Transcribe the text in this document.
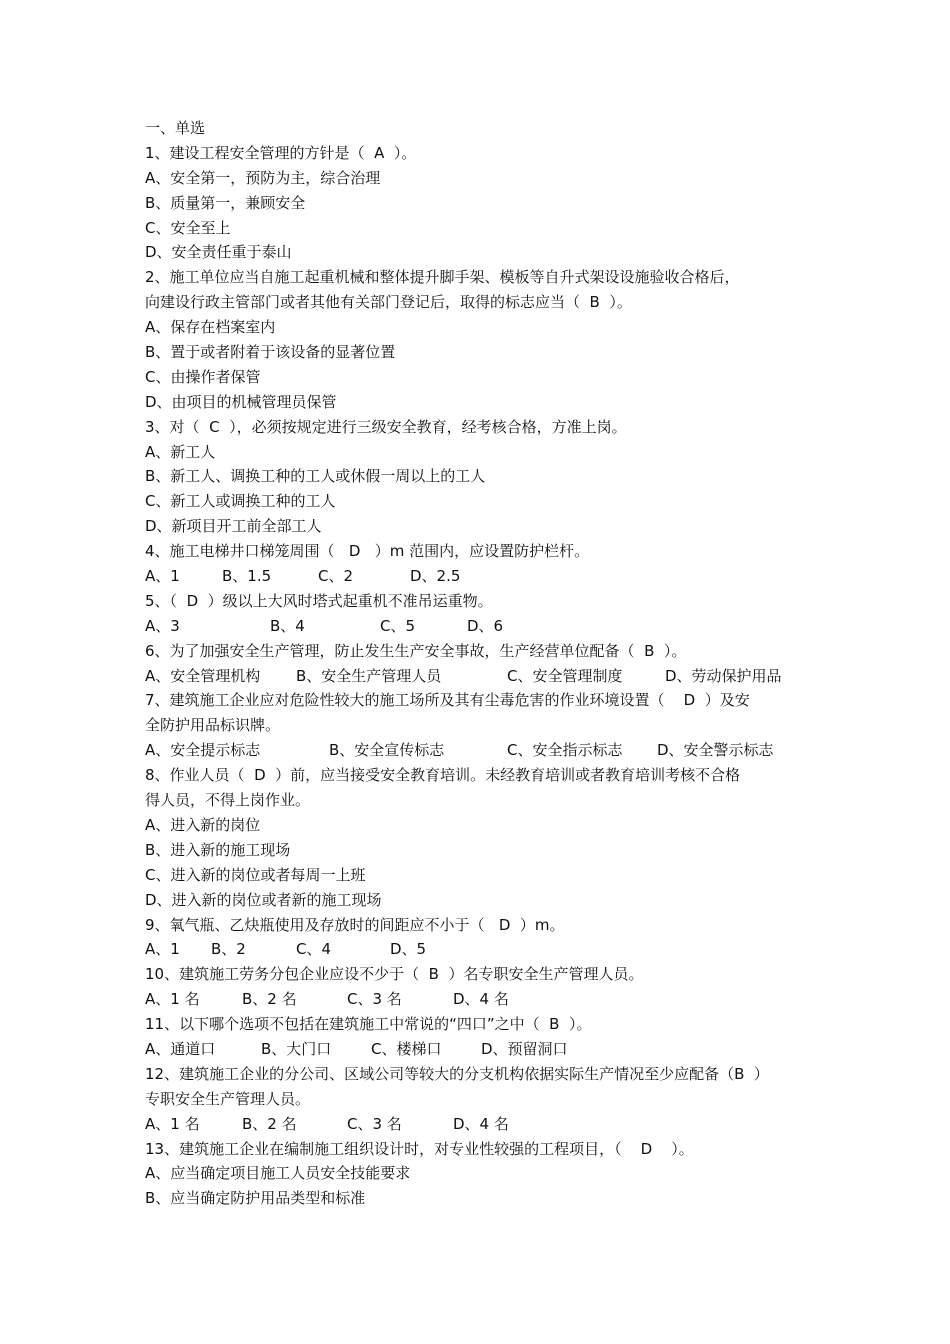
一、单选
1、建设工程安全管理的方针是（  A  ）。
A、安全第一，预防为主，综合治理
B、质量第一，兼顾安全
C、安全至上
D、安全责任重于泰山
2、施工单位应当自施工起重机械和整体提升脚手架、模板等自升式架设设施验收合格后，
向建设行政主管部门或者其他有关部门登记后，取得的标志应当（  B  ）。
A、保存在档案室内
B、置于或者附着于该设备的显著位置
C、由操作者保管
D、由项目的机械管理员保管
3、对（  C  ），必须按规定进行三级安全教育，经考核合格，方准上岗。
A、新工人
B、新工人、调换工种的工人或休假一周以上的工人
C、新工人或调换工种的工人
D、新项目开工前全部工人
4、施工电梯井口梯笼周围（   D   ）m 范围内，应设置防护栏杆。

A、1

	B、1.5

	C、2

	D、2.5

5、（  D  ）级以上大风时塔式起重机不准吊运重物。

A、3

	B、4

	C、5

	D、6

6、为了加强安全生产管理，防止发生生产安全事故，生产经营单位配备（  B  ）。

A、安全管理机构

B、安全生产管理人员

	C、安全管理制度

	D、劳动保护用品

7、建筑施工企业应对危险性较大的施工场所及其有尘毒危害的作业环境设置（    D  ）及安
全防护用品标识牌。

A、安全提示标志

	B、安全宣传标志

	C、安全指示标志

D、安全警示标志

8、作业人员（  D  ）前，应当接受安全教育培训。未经教育培训或者教育培训考核不合格
得人员，不得上岗作业。
A、进入新的岗位
B、进入新的施工现场
C、进入新的岗位或者每周一上班
D、进入新的岗位或者新的施工现场
9、氧气瓶、乙炔瓶使用及存放时的间距应不小于（   D  ）m。

A、1

B、2

	C、4

	D、5

10、建筑施工劳务分包企业应设不少于（  B  ）名专职安全生产管理人员。

A、1 名

	B、2 名

	C、3 名

	D、4 名

11、以下哪个选项不包括在建筑施工中常说的“四口”之中（  B  ）。

A、通道口

	B、大门口

	C、楼梯口

	D、预留洞口

12、建筑施工企业的分公司、区域公司等较大的分支机构依据实际生产情况至少应配备（B  ）
专职安全生产管理人员。

A、1 名

	B、2 名

	C、3 名

	D、4 名

13、建筑施工企业在编制施工组织设计时，对专业性较强的工程项目，（    D    ）。
A、应当确定项目施工人员安全技能要求
B、应当确定防护用品类型和标准
